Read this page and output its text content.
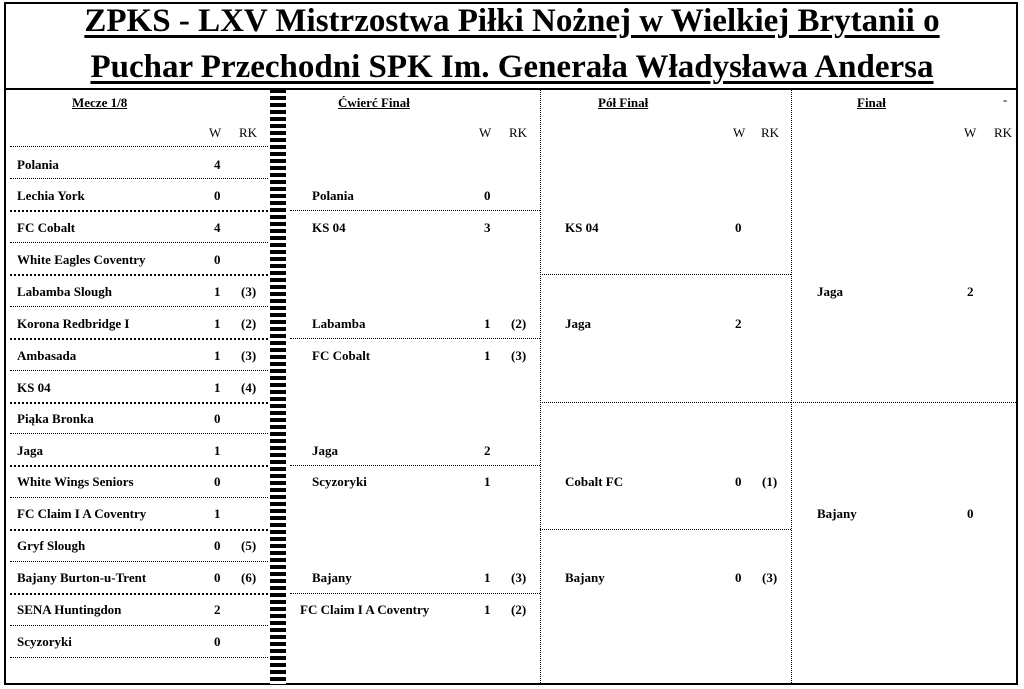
ZPKS - LXV Mistrzostwa Piłki Nożnej w Wielkiej Brytanii o
Puchar Przechodni SPK Im. Generała Władysława Andersa
Mecze 1/8	Ćwierć Finał	Pół Finał	Finał	-
W RK	W RK	W RK	W RK
Polania	4
Lechia York	0
FC Cobalt	4
White Eagles Coventry	0
Labamba Slough	1 (3)
Korona Redbridge I	1 (2)
Ambasada	1 (3)
KS 04	1 (4)
Piąka Bronka	0
Jaga	1
White Wings Seniors	0
FC Claim I A Coventry	1
Gryf Slough	0 (5)
Bajany Burton-u-Trent	0 (6)
SENA Huntingdon	2
Scyzoryki	0
Polania	0
KS 04	3
Labamba	1 (2)
FC Cobalt	1 (3)
Jaga	2
Scyzoryki	1
Bajany	1 (3)
FC Claim I A Coventry	1 (2)
KS 04	0
Jaga	2
Cobalt FC	0 (1)
Bajany	0 (3)
Jaga	2
Bajany	0
